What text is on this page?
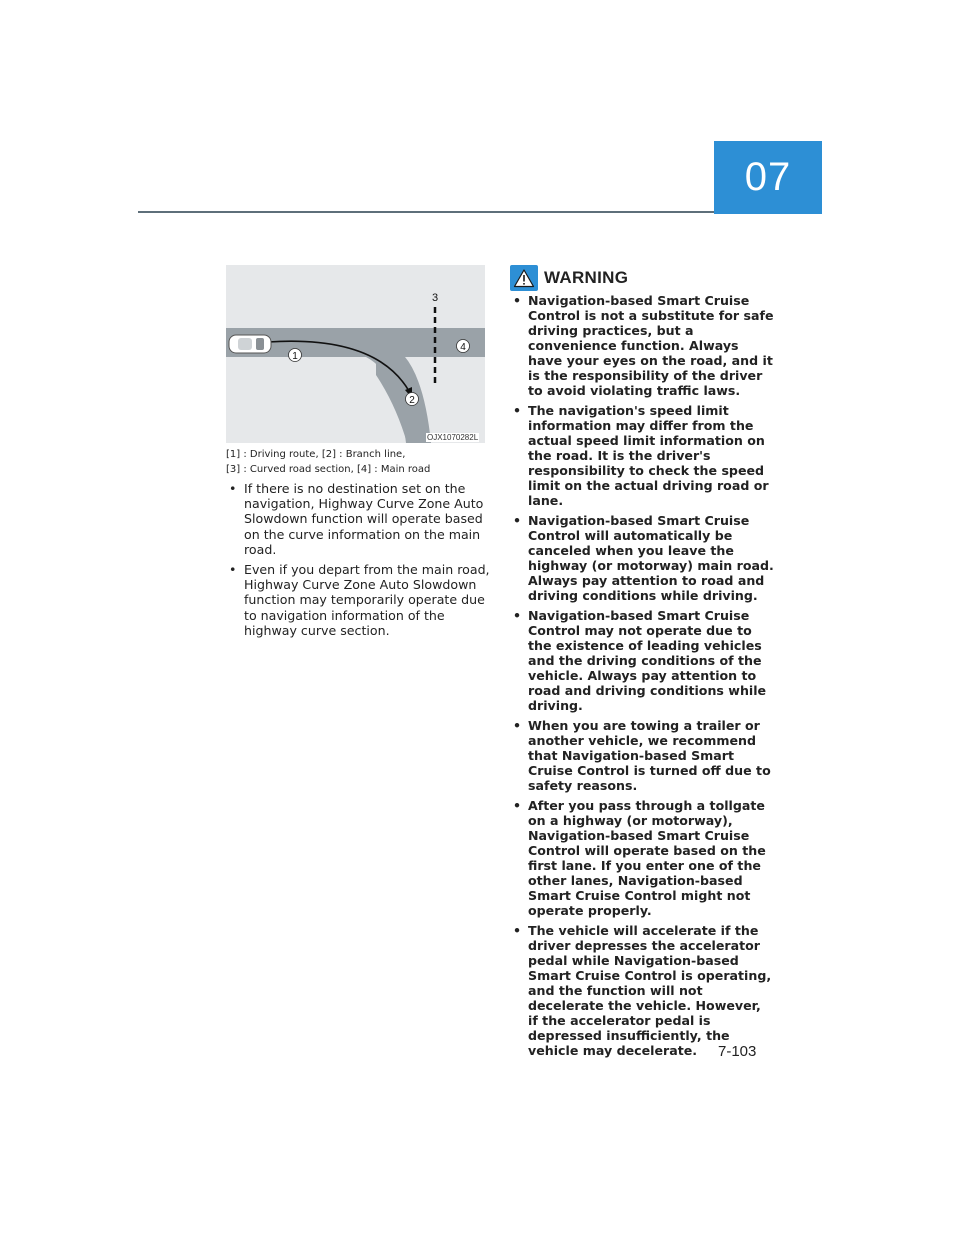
07
1
2
3
4
OJX1070282L
[1] : Driving route, [2] : Branch line,
[3] : Curved road section, [4] : Main road
• If there is no destination set on the navigation, Highway Curve Zone Auto Slowdown function will operate based on the curve information on the main road.
• Even if you depart from the main road, Highway Curve Zone Auto Slowdown function may temporarily operate due to navigation information of the highway curve section.
WARNING
• Navigation-based Smart Cruise Control is not a substitute for safe driving practices, but a convenience function. Always have your eyes on the road, and it is the responsibility of the driver to avoid violating traffic laws.
• The navigation's speed limit information may differ from the actual speed limit information on the road. It is the driver's responsibility to check the speed limit on the actual driving road or lane.
• Navigation-based Smart Cruise Control will automatically be canceled when you leave the highway (or motorway) main road. Always pay attention to road and driving conditions while driving.
• Navigation-based Smart Cruise Control may not operate due to the existence of leading vehicles and the driving conditions of the vehicle. Always pay attention to road and driving conditions while driving.
• When you are towing a trailer or another vehicle, we recommend that Navigation-based Smart Cruise Control is turned off due to safety reasons.
• After you pass through a tollgate on a highway (or motorway), Navigation-based Smart Cruise Control will operate based on the first lane. If you enter one of the other lanes, Navigation-based Smart Cruise Control might not operate properly.
• The vehicle will accelerate if the driver depresses the accelerator pedal while Navigation-based Smart Cruise Control is operating, and the function will not decelerate the vehicle. However, if the accelerator pedal is depressed insufficiently, the vehicle may decelerate.	7-103
